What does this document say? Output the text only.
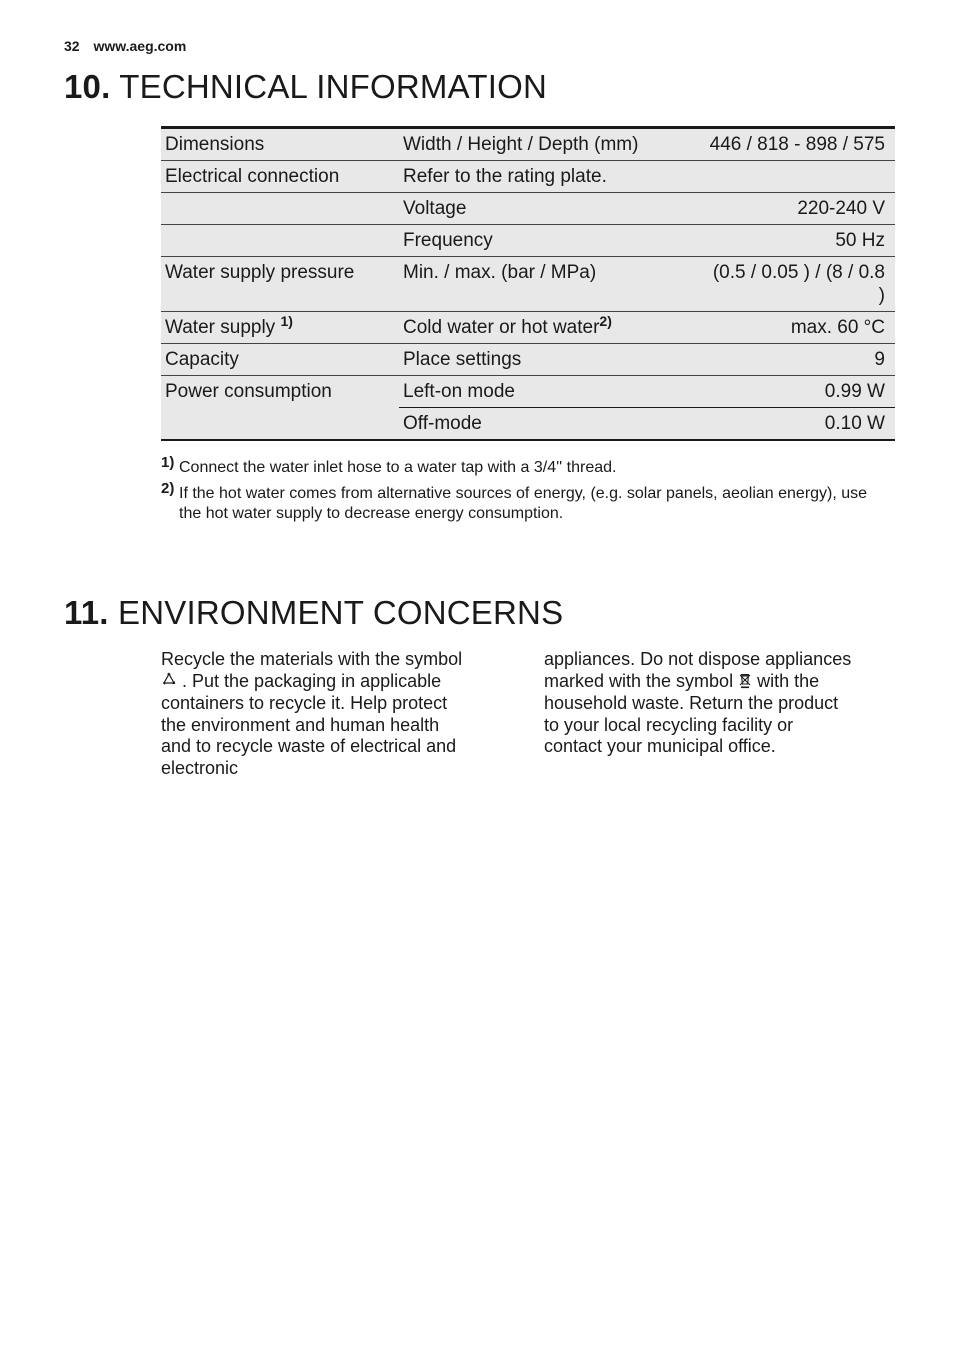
32 www.aeg.com
10. TECHNICAL INFORMATION
Dimensions	Width / Height / Depth (mm)	446 / 818 - 898 / 575
Electrical connection	Refer to the rating plate.	
	Voltage	220-240 V
	Frequency	50 Hz
Water supply pressure	Min. / max. (bar / MPa)	(0.5 / 0.05 ) / (8 / 0.8 )
Water supply $^{1)}$	Cold water or hot water$^{2)}$	max. 60 °C
Capacity	Place settings	9
Power consumption	Left-on mode	0.99 W
	Off-mode	0.10 W
1) Connect the water inlet hose to a water tap with a 3/4'' thread.
2) If the hot water comes from alternative sources of energy, (e.g. solar panels, aeolian energy), use the hot water supply to decrease energy consumption.
11. ENVIRONMENT CONCERNS
Recycle the materials with the symbol  . Put the packaging in applicable containers to recycle it. Help protect the environment and human health and to recycle waste of electrical and electronic
appliances. Do not dispose appliances marked with the symbol with the household waste. Return the product to your local recycling facility or contact your municipal office.
